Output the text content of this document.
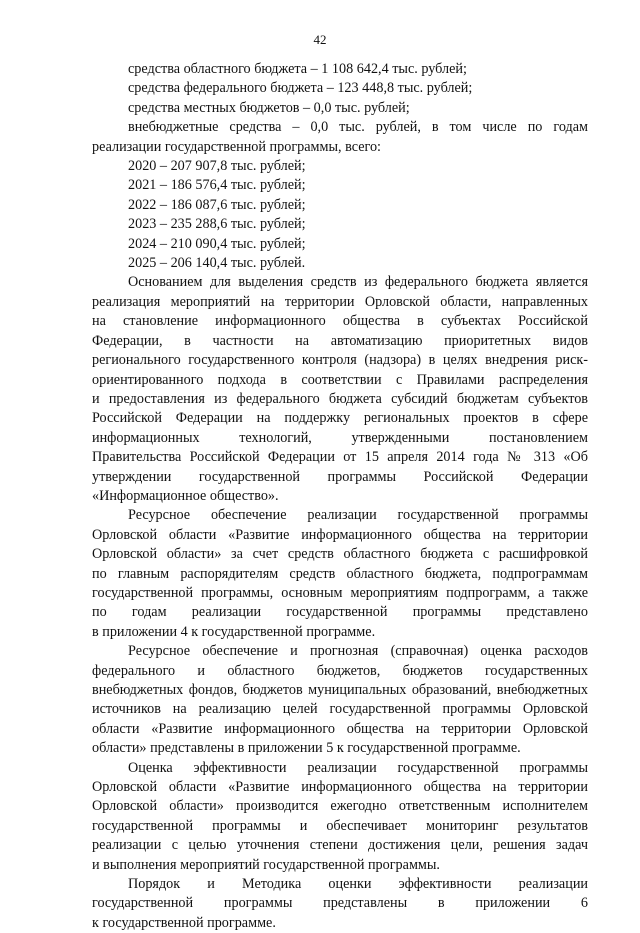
42
средства областного бюджета – 1 108 642,4 тыс. рублей;
средства федерального бюджета – 123 448,8 тыс. рублей;
средства местных бюджетов – 0,0 тыс. рублей;
внебюджетные средства – 0,0 тыс. рублей, в том числе по годам
реализации государственной программы, всего:
2020 – 207 907,8 тыс. рублей;
2021 – 186 576,4 тыс. рублей;
2022 – 186 087,6 тыс. рублей;
2023 – 235 288,6 тыс. рублей;
2024 – 210 090,4 тыс. рублей;
2025 – 206 140,4 тыс. рублей.
Основанием для выделения средств из федерального бюджета является
реализация мероприятий на территории Орловской области, направленных
на становление информационного общества в субъектах Российской
Федерации, в частности на автоматизацию приоритетных видов
регионального государственного контроля (надзора) в целях внедрения риск-
ориентированного подхода в соответствии с Правилами распределения
и предоставления из федерального бюджета субсидий бюджетам субъектов
Российской Федерации на поддержку региональных проектов в сфере
информационных технологий, утвержденными постановлением
Правительства Российской Федерации от 15 апреля 2014 года № 313 «Об
утверждении государственной программы Российской Федерации
«Информационное общество».
Ресурсное обеспечение реализации государственной программы
Орловской области «Развитие информационного общества на территории
Орловской области» за счет средств областного бюджета с расшифровкой
по главным распорядителям средств областного бюджета, подпрограммам
государственной программы, основным мероприятиям подпрограмм, а также
по годам реализации государственной программы представлено
в приложении 4 к государственной программе.
Ресурсное обеспечение и прогнозная (справочная) оценка расходов
федерального и областного бюджетов, бюджетов государственных
внебюджетных фондов, бюджетов муниципальных образований, внебюджетных
источников на реализацию целей государственной программы Орловской
области «Развитие информационного общества на территории Орловской
области» представлены в приложении 5 к государственной программе.
Оценка эффективности реализации государственной программы
Орловской области «Развитие информационного общества на территории
Орловской области» производится ежегодно ответственным исполнителем
государственной программы и обеспечивает мониторинг результатов
реализации с целью уточнения степени достижения цели, решения задач
и выполнения мероприятий государственной программы.
Порядок и Методика оценки эффективности реализации
государственной программы представлены в приложении 6
к государственной программе.
